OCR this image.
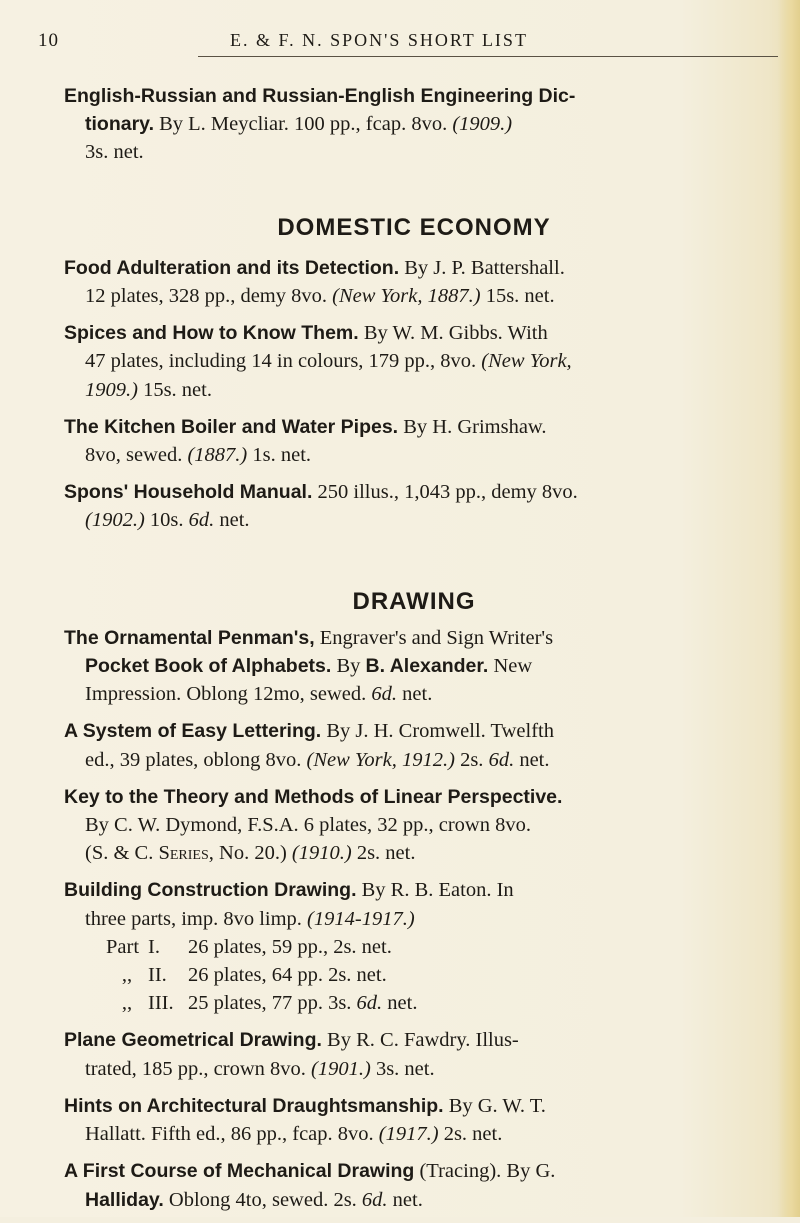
10	E. & F. N. SPON'S SHORT LIST
English-Russian and Russian-English Engineering Dic-
tionary. By L. Meycliar. 100 pp., fcap. 8vo. (1909.)
3s. net.
DOMESTIC ECONOMY
Food Adulteration and its Detection. By J. P. Battershall.
12 plates, 328 pp., demy 8vo. (New York, 1887.) 15s. net.
Spices and How to Know Them. By W. M. Gibbs. With
47 plates, including 14 in colours, 179 pp., 8vo. (New York,
1909.) 15s. net.
The Kitchen Boiler and Water Pipes. By H. Grimshaw.
8vo, sewed. (1887.) 1s. net.
Spons' Household Manual. 250 illus., 1,043 pp., demy 8vo.
(1902.) 10s. 6d. net.
DRAWING
The Ornamental Penman's, Engraver's and Sign Writer's
Pocket Book of Alphabets. By B. Alexander. New
Impression. Oblong 12mo, sewed. 6d. net.
A System of Easy Lettering. By J. H. Cromwell. Twelfth
ed., 39 plates, oblong 8vo. (New York, 1912.) 2s. 6d. net.
Key to the Theory and Methods of Linear Perspective.
By C. W. Dymond, F.S.A. 6 plates, 32 pp., crown 8vo.
(S. & C. Series, No. 20.) (1910.) 2s. net.
Building Construction Drawing. By R. B. Eaton. In
three parts, imp. 8vo limp. (1914-1917.)
Part I. 26 plates, 59 pp., 2s. net.
,, II. 26 plates, 64 pp. 2s. net.
,, III. 25 plates, 77 pp. 3s. 6d. net.
Plane Geometrical Drawing. By R. C. Fawdry. Illus-
trated, 185 pp., crown 8vo. (1901.) 3s. net.
Hints on Architectural Draughtsmanship. By G. W. T.
Hallatt. Fifth ed., 86 pp., fcap. 8vo. (1917.) 2s. net.
A First Course of Mechanical Drawing (Tracing). By G.
Halliday. Oblong 4to, sewed. 2s. 6d. net.
